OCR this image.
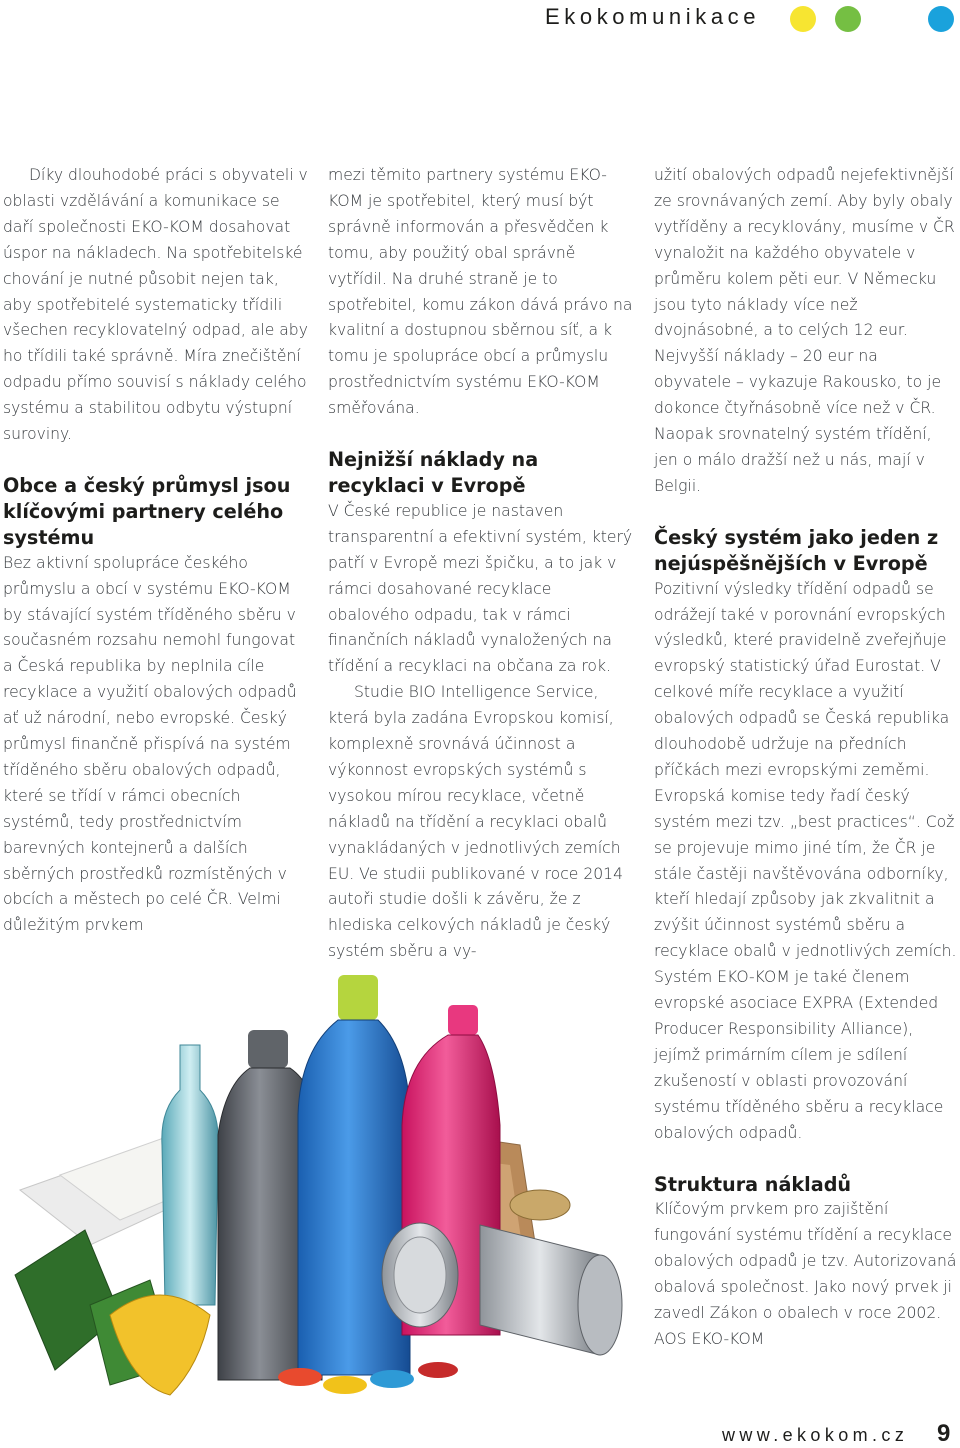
Ekokomunikace

Díky dlouhodobé práci s obyvateli v oblasti vzdělávání a komunikace se daří společnosti EKO-KOM dosahovat úspor na nákladech. Na spotřebitelské chování je nutné působit nejen tak, aby spotřebitelé systematicky třídili všechen recyklovatelný odpad, ale aby ho třídili také správně. Míra znečištění odpadu přímo souvisí s náklady celého systému a stabilitou odbytu výstupní suroviny.

Obce a český průmysl jsou klíčovými partnery celého systému

Bez aktivní spolupráce českého průmyslu a obcí v systému EKO-KOM by stávající systém tříděného sběru v současném rozsahu nemohl fungovat a Česká republika by neplnila cíle recyklace a využití obalových odpadů ať už národní, nebo evropské. Český průmysl finančně přispívá na systém tříděného sběru obalových odpadů, které se třídí v rámci obecních systémů, tedy prostřednictvím barevných kontejnerů a dalších sběrných prostředků rozmístěných v obcích a městech po celé ČR. Velmi důležitým prvkem

mezi těmito partnery systému EKO-KOM je spotřebitel, který musí být správně informován a přesvědčen k tomu, aby použitý obal správně vytřídil. Na druhé straně je to spotřebitel, komu zákon dává právo na kvalitní a dostupnou sběrnou síť, a k tomu je spolupráce obcí a průmyslu prostřednictvím systému EKO-KOM směřována.

Nejnižší náklady na recyklaci v Evropě

V České republice je nastaven transparentní a efektivní systém, který patří v Evropě mezi špičku, a to jak v rámci dosahované recyklace obalového odpadu, tak v rámci finančních nákladů vynaložených na třídění a recyklaci na občana za rok.

Studie BIO Intelligence Service, která byla zadána Evropskou komisí, komplexně srovnává účinnost a výkonnost evropských systémů s vysokou mírou recyklace, včetně nákladů na třídění a recyklaci obalů vynakládaných v jednotlivých zemích EU. Ve studii publikované v roce 2014 autoři studie došli k závěru, že z hlediska celkových nákladů je český systém sběru a vy-

užití obalových odpadů nejefektivnější ze srovnávaných zemí. Aby byly obaly vytříděny a recyklovány, musíme v ČR vynaložit na každého obyvatele v průměru kolem pěti eur. V Německu jsou tyto náklady více než dvojnásobné, a to celých 12 eur. Nejvyšší náklady – 20 eur na obyvatele – vykazuje Rakousko, to je dokonce čtyřnásobně více než v ČR. Naopak srovnatelný systém třídění, jen o málo dražší než u nás, mají v Belgii.

Český systém jako jeden z nejúspěšnějších v Evropě

Pozitivní výsledky třídění odpadů se odrážejí také v porovnání evropských výsledků, které pravidelně zveřejňuje evropský statistický úřad Eurostat. V celkové míře recyklace a využití obalových odpadů se Česká republika dlouhodobě udržuje na předních příčkách mezi evropskými zeměmi. Evropská komise tedy řadí český systém mezi tzv. „best practices“. Což se projevuje mimo jiné tím, že ČR je stále častěji navštěvována odborníky, kteří hledají způsoby jak zkvalitnit a zvýšit účinnost systémů sběru a recyklace obalů v jednotlivých zemích. Systém EKO-KOM je také členem evropské asociace EXPRA (Extended Producer Responsibility Alliance), jejímž primárním cílem je sdílení zkušeností v oblasti provozování systému tříděného sběru a recyklace obalových odpadů.

Struktura nákladů

Klíčovým prvkem pro zajištění fungování systému třídění a recyklace obalových odpadů je tzv. Autorizovaná obalová společnost. Jako nový prvek ji zavedl Zákon o obalech v roce 2002. AOS EKO-KOM

www.ekokom.cz 9
